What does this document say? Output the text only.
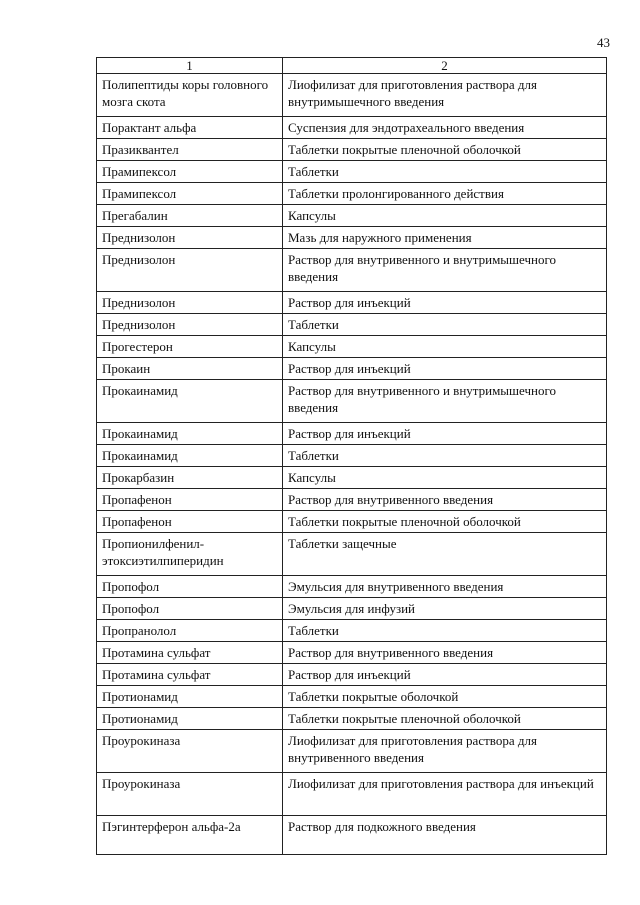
43
1	2
Полипептиды коры головного мозга скота	Лиофилизат для приготовления раствора для внутримышечного введения
Порактант альфа	Суспензия для эндотрахеального введения
Празиквантел	Таблетки покрытые пленочной оболочкой
Прамипексол	Таблетки
Прамипексол	Таблетки пролонгированного действия
Прегабалин	Капсулы
Преднизолон	Мазь для наружного применения
Преднизолон	Раствор для внутривенного и внутримышечного введения
Преднизолон	Раствор для инъекций
Преднизолон	Таблетки
Прогестерон	Капсулы
Прокаин	Раствор для инъекций
Прокаинамид	Раствор для внутривенного и внутримышечного введения
Прокаинамид	Раствор для инъекций
Прокаинамид	Таблетки
Прокарбазин	Капсулы
Пропафенон	Раствор для внутривенного введения
Пропафенон	Таблетки покрытые пленочной оболочкой
Пропионилфенил-этоксиэтилпиперидин	Таблетки защечные
Пропофол	Эмульсия для внутривенного введения
Пропофол	Эмульсия для инфузий
Пропранолол	Таблетки
Протамина сульфат	Раствор для внутривенного введения
Протамина сульфат	Раствор для инъекций
Протионамид	Таблетки покрытые оболочкой
Протионамид	Таблетки покрытые пленочной оболочкой
Проурокиназа	Лиофилизат для приготовления раствора для внутривенного введения
Проурокиназа	Лиофилизат для приготовления раствора для инъекций
Пэгинтерферон альфа-2а	Раствор для подкожного введения
